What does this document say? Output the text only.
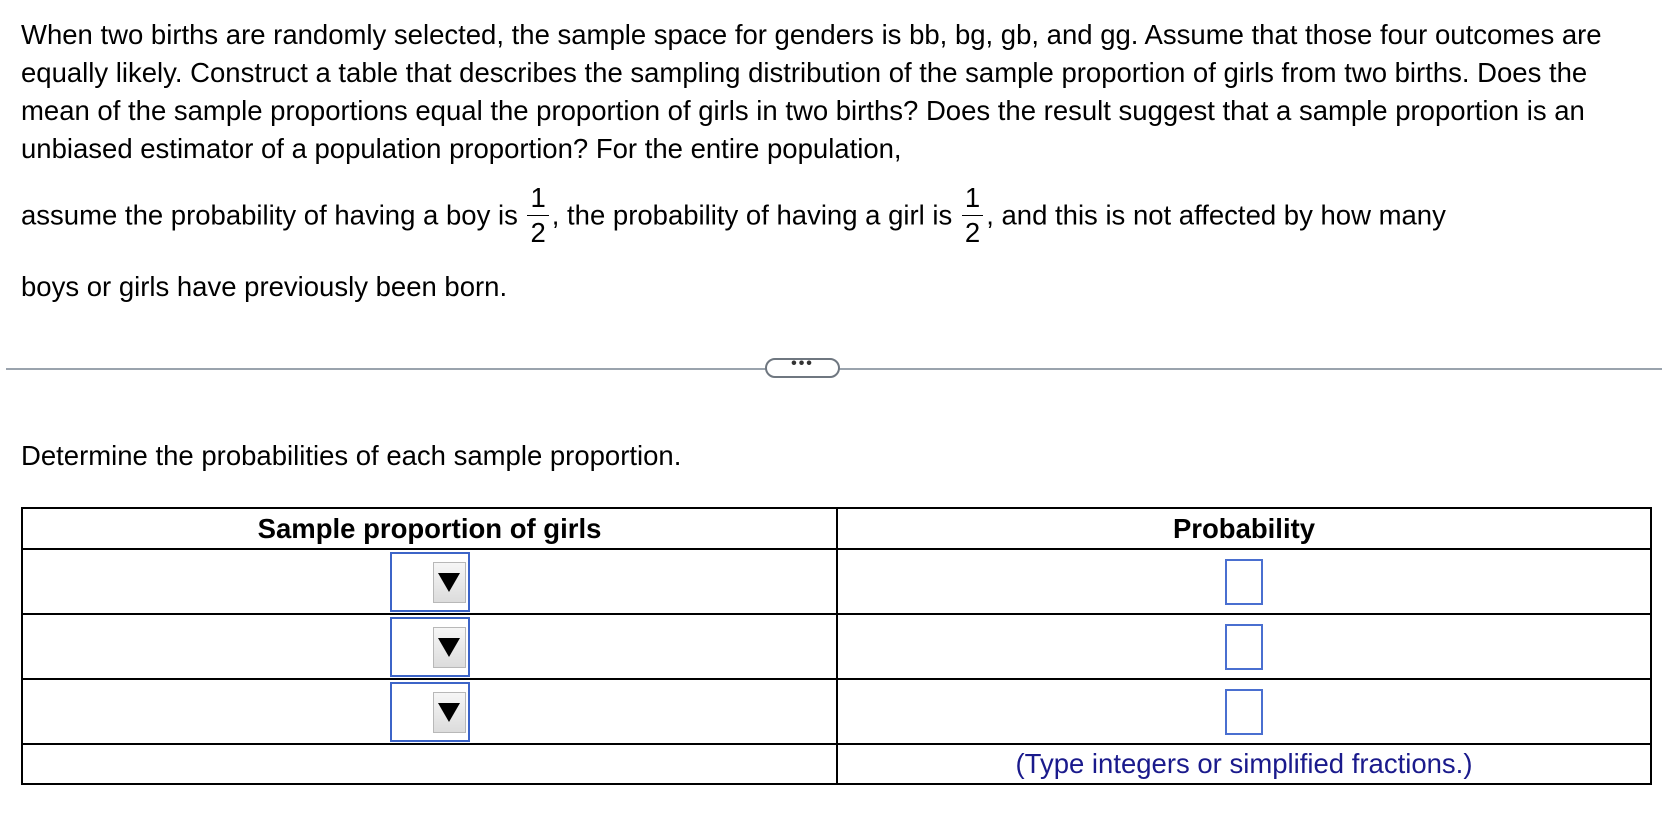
When two births are randomly selected, the sample space for genders is bb, bg, gb, and gg. Assume that those four outcomes are equally likely. Construct a table that describes the sampling distribution of the sample proportion of girls from two births. Does the mean of the sample proportions equal the proportion of girls in two births? Does the result suggest that a sample proportion is an unbiased estimator of a population proportion? For the entire population,

assume the probability of having a boy is $\frac{1}{2}$ , the probability of having a girl is $\frac{1}{2}$ , and this is not affected by how many

boys or girls have previously been born.

•••

Determine the probabilities of each sample proportion.

Sample proportion of girls	Probability

	(Type integers or simplified fractions.)
